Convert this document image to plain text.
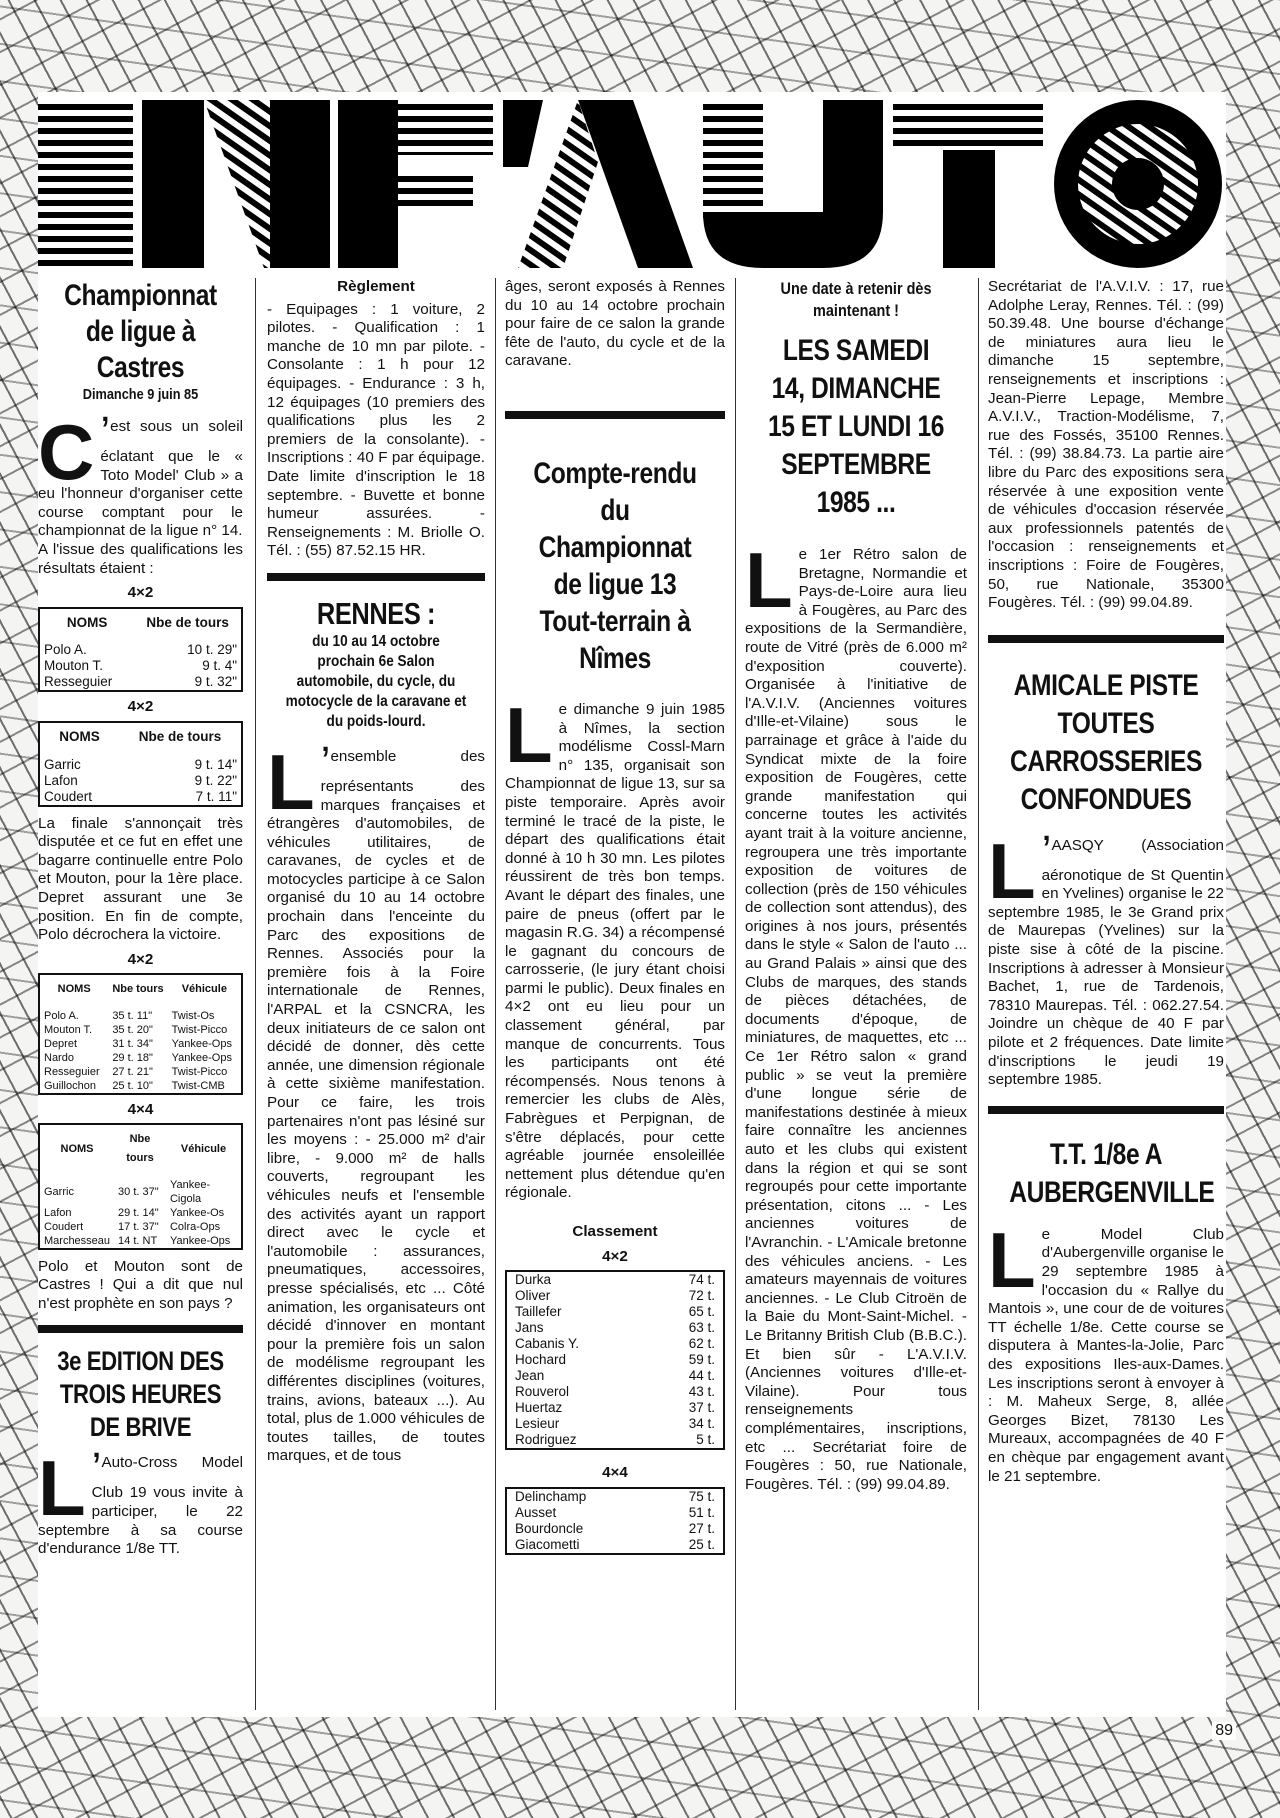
INF'AUTO
Championnat de ligue à Castres
Dimanche 9 juin 85

C ’est sous un soleil éclatant que le « Toto Model' Club » a eu l'honneur d'organiser cette course comptant pour le championnat de la ligue n° 14.

A l'issue des qualifications les résultats étaient :

4×2
NOMS	Nbe de tours
Polo A.	10 t. 29"
Mouton T.	9 t. 4"
Resseguier	9 t. 32"
4×2
NOMS	Nbe de tours
Garric	9 t. 14"
Lafon	9 t. 22"
Coudert	7 t. 11"

La finale s'annonçait très disputée et ce fut en effet une bagarre continuelle entre Polo et Mouton, pour la 1ère place. Depret assurant une 3e position. En fin de compte, Polo décrochera la victoire.

4×2
NOMS	Nbe tours	Véhicule
Polo A.	35 t. 11"	Twist-Os
Mouton T.	35 t. 20"	Twist-Picco
Depret	31 t. 34"	Yankee-Ops
Nardo	29 t. 18"	Yankee-Ops
Resseguier	27 t. 21"	Twist-Picco
Guillochon	25 t. 10"	Twist-CMB
4×4
NOMS	Nbe tours	Véhicule
Garric	30 t. 37"	Yankee-Cigola
Lafon	29 t. 14"	Yankee-Os
Coudert	17 t. 37"	Colra-Ops
Marchesseau	14 t. NT	Yankee-Ops

Polo et Mouton sont de Castres ! Qui a dit que nul n'est prophète en son pays ?

3e EDITION DES TROIS HEURES DE BRIVE

L ’Auto-Cross Model Club 19 vous invite à participer, le 22 septembre à sa course d'endurance 1/8e TT.

Règlement

- Equipages : 1 voiture, 2 pilotes. - Qualification : 1 manche de 10 mn par pilote. - Consolante : 1 h pour 12 équipages. - Endurance : 3 h, 12 équipages (10 premiers des qualifications plus les 2 premiers de la consolante). - Inscriptions : 40 F par équipage. Date limite d'inscription le 18 septembre. - Buvette et bonne humeur assurées. - Renseignements : M. Briolle O. Tél. : (55) 87.52.15 HR.

RENNES :
du 10 au 14 octobre prochain 6e Salon automobile, du cycle, du motocycle de la caravane et du poids-lourd.

L ’ensemble des représentants des marques françaises et étrangères d'automobiles, de véhicules utilitaires, de caravanes, de cycles et de motocycles participe à ce Salon organisé du 10 au 14 octobre prochain dans l'enceinte du Parc des expositions de Rennes. Associés pour la première fois à la Foire internationale de Rennes, l'ARPAL et la CSNCRA, les deux initiateurs de ce salon ont décidé de donner, dès cette année, une dimension régionale à cette sixième manifestation. Pour ce faire, les trois partenaires n'ont pas lésiné sur les moyens : - 25.000 m² d'air libre, - 9.000 m² de halls couverts, regroupant les véhicules neufs et l'ensemble des activités ayant un rapport direct avec le cycle et l'automobile : assurances, pneumatiques, accessoires, presse spécialisés, etc ... Côté animation, les organisateurs ont décidé d'innover en montant pour la première fois un salon de modélisme regroupant les différentes disciplines (voitures, trains, avions, bateaux ...). Au total, plus de 1.000 véhicules de toutes tailles, de toutes marques, et de tous

âges, seront exposés à Rennes du 10 au 14 octobre prochain pour faire de ce salon la grande fête de l'auto, du cycle et de la caravane.

Compte-rendu du Championnat de ligue 13 Tout-terrain à Nîmes

Le dimanche 9 juin 1985 à Nîmes, la section modélisme Cossl-Marn n° 135, organisait son Championnat de ligue 13, sur sa piste temporaire. Après avoir terminé le tracé de la piste, le départ des qualifications était donné à 10 h 30 mn. Les pilotes réussirent de très bon temps. Avant le départ des finales, une paire de pneus (offert par le magasin R.G. 34) a récompensé le gagnant du concours de carrosserie, (le jury étant choisi parmi le public). Deux finales en 4×2 ont eu lieu pour un classement général, par manque de concurrents. Tous les participants ont été récompensés. Nous tenons à remercier les clubs de Alès, Fabrègues et Perpignan, de s'être déplacés, pour cette agréable journée ensoleillée nettement plus détendue qu'en régionale.

Classement
4×2
Durka	74 t.
Oliver	72 t.
Taillefer	65 t.
Jans	63 t.
Cabanis Y.	62 t.
Hochard	59 t.
Jean	44 t.
Rouverol	43 t.
Huertaz	37 t.
Lesieur	34 t.
Rodriguez	5 t.
4×4
Delinchamp	75 t.
Ausset	51 t.
Bourdoncle	27 t.
Giacometti	25 t.
Une date à retenir dès maintenant !
LES SAMEDI 14, DIMANCHE 15 ET LUNDI 16 SEPTEMBRE 1985 ...

Le 1er Rétro salon de Bretagne, Normandie et Pays-de-Loire aura lieu à Fougères, au Parc des expositions de la Sermandière, route de Vitré (près de 6.000 m² d'exposition couverte). Organisée à l'initiative de l'A.V.I.V. (Anciennes voitures d'Ille-et-Vilaine) sous le parrainage et grâce à l'aide du Syndicat mixte de la foire exposition de Fougères, cette grande manifestation qui concerne toutes les activités ayant trait à la voiture ancienne, regroupera une très importante exposition de voitures de collection (près de 150 véhicules de collection sont attendus), des origines à nos jours, présentés dans le style « Salon de l'auto ... au Grand Palais » ainsi que des Clubs de marques, des stands de pièces détachées, de documents d'époque, de miniatures, de maquettes, etc ... Ce 1er Rétro salon « grand public » se veut la première d'une longue série de manifestations destinée à mieux faire connaître les anciennes auto et les clubs qui existent dans la région et qui se sont regroupés pour cette importante présentation, citons ... - Les anciennes voitures de l'Avranchin. - L'Amicale bretonne des véhicules anciens. - Les amateurs mayennais de voitures anciennes. - Le Club Citroën de la Baie du Mont-Saint-Michel. - Le Britanny British Club (B.B.C.). Et bien sûr - L'A.V.I.V. (Anciennes voitures d'Ille-et-Vilaine). Pour tous renseignements complémentaires, inscriptions, etc ... Secrétariat foire de Fougères : 50, rue Nationale, Fougères. Tél. : (99) 99.04.89.

Secrétariat de l'A.V.I.V. : 17, rue Adolphe Leray, Rennes. Tél. : (99) 50.39.48. Une bourse d'échange de miniatures aura lieu le dimanche 15 septembre, renseignements et inscriptions : Jean-Pierre Lepage, Membre A.V.I.V., Traction-Modélisme, 7, rue des Fossés, 35100 Rennes. Tél. : (99) 38.84.73. La partie aire libre du Parc des expositions sera réservée à une exposition vente de véhicules d'occasion réservée aux professionnels patentés de l'occasion : renseignements et inscriptions : Foire de Fougères, 50, rue Nationale, 35300 Fougères. Tél. : (99) 99.04.89.

AMICALE PISTE TOUTES CARROSSERIES CONFONDUES

L ’AASQY (Association aéronotique de St Quentin en Yvelines) organise le 22 septembre 1985, le 3e Grand prix de Maurepas (Yvelines) sur la piste sise à côté de la piscine. Inscriptions à adresser à Monsieur Bachet, 1, rue de Tardenois, 78310 Maurepas. Tél. : 062.27.54. Joindre un chèque de 40 F par pilote et 2 fréquences. Date limite d'inscriptions le jeudi 19 septembre 1985.

T.T. 1/8e A AUBERGENVILLE

Le Model Club d'Aubergenville organise le 29 septembre 1985 à l'occasion du « Rallye du Mantois », une cour de de voitures TT échelle 1/8e. Cette course se disputera à Mantes-la-Jolie, Parc des expositions Iles-aux-Dames. Les inscriptions seront à envoyer à : M. Maheux Serge, 8, allée Georges Bizet, 78130 Les Mureaux, accompagnées de 40 F en chèque par engagement avant le 21 septembre.

89
